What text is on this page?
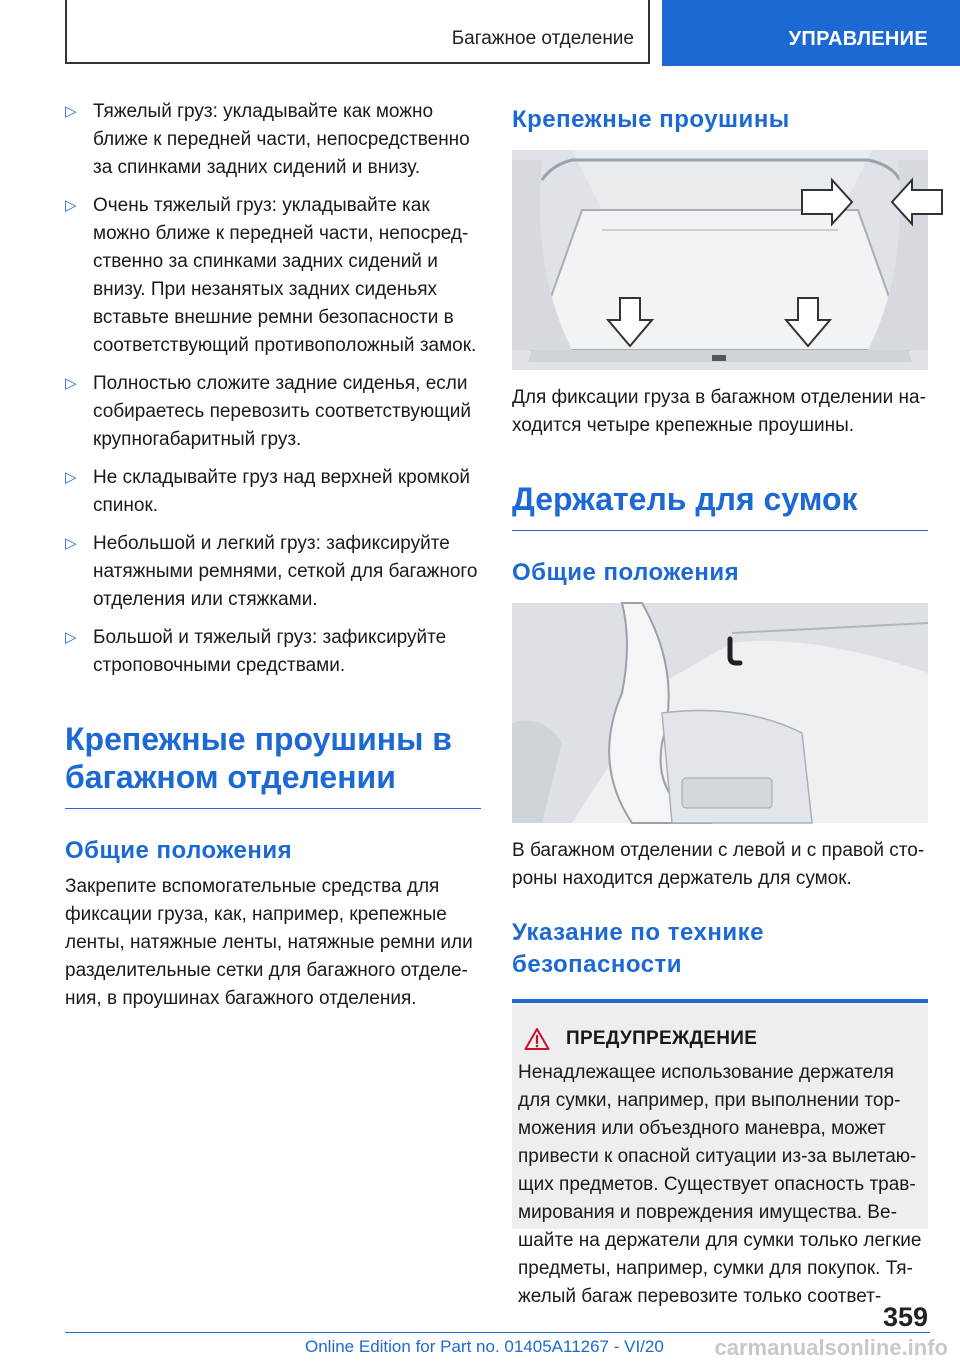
Багажное отделение	УПРАВЛЕНИЕ
▷ Тяжелый груз: укладывайте как можно ближе к передней части, непосредственно за спинками задних сидений и внизу.
▷ Очень тяжелый груз: укладывайте как можно ближе к передней части, непосредственно за спинками задних сидений и внизу. При незанятых задних сиденьях вставьте внешние ремни безопасности в соответствующий противоположный замок.
▷ Полностью сложите задние сиденья, если собираетесь перевозить соответствующий крупногабаритный груз.
▷ Не складывайте груз над верхней кромкой спинок.
▷ Небольшой и легкий груз: зафиксируйте натяжными ремнями, сеткой для багажного отделения или стяжками.
▷ Большой и тяжелый груз: зафиксируйте строповочными средствами.
Крепежные проушины в багажном отделении
Общие положения
Закрепите вспомогательные средства для фиксации груза, как, например, крепежные ленты, натяжные ленты, натяжные ремни или разделительные сетки для багажного отделения, в проушинах багажного отделения.
Крепежные проушины
Для фиксации груза в багажном отделении находится четыре крепежные проушины.
Держатель для сумок
Общие положения
В багажном отделении с левой и с правой стороны находится держатель для сумок.
Указание по технике безопасности
ПРЕДУПРЕЖДЕНИЕ
Ненадлежащее использование держателя для сумки, например, при выполнении торможения или объездного маневра, может привести к опасной ситуации из-за вылетающих предметов. Существует опасность травмирования и повреждения имущества. Вешайте на держатели для сумки только легкие предметы, например, сумки для покупок. Тяжелый багаж перевозите только соответ-
359
Online Edition for Part no. 01405A11267 - VI/20 carmanualsonline.info
